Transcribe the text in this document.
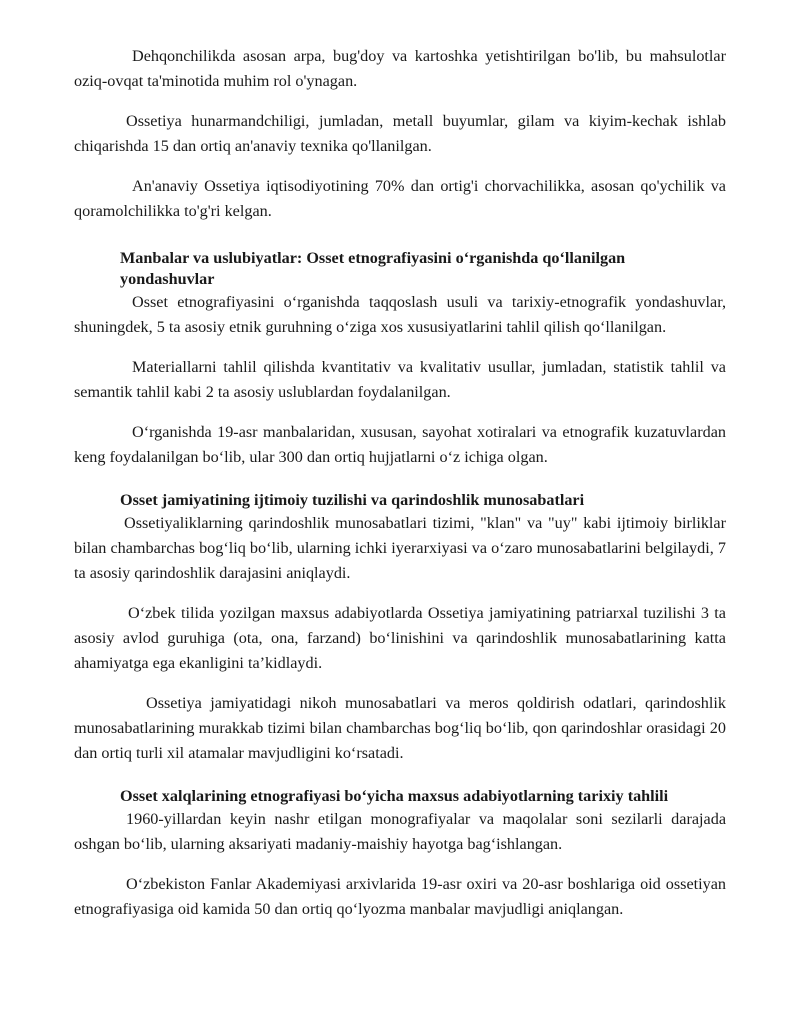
Dehqonchilikda asosan arpa, bug'doy va kartoshka yetishtirilgan bo'lib, bu mahsulotlar oziq-ovqat ta'minotida muhim rol o'ynagan.

Ossetiya hunarmandchiligi, jumladan, metall buyumlar, gilam va kiyim-kechak ishlab chiqarishda 15 dan ortiq an'anaviy texnika qo'llanilgan.

An'anaviy Ossetiya iqtisodiyotining 70% dan ortig'i chorvachilikka, asosan qo'ychilik va qoramolchilikka to'g'ri kelgan.

Manbalar va uslubiyatlar: Osset etnografiyasini o‘rganishda qo‘llanilgan yondashuvlar

Osset etnografiyasini o‘rganishda taqqoslash usuli va tarixiy-etnografik yondashuvlar, shuningdek, 5 ta asosiy etnik guruhning o‘ziga xos xususiyatlarini tahlil qilish qo‘llanilgan.

Materiallarni tahlil qilishda kvantitativ va kvalitativ usullar, jumladan, statistik tahlil va semantik tahlil kabi 2 ta asosiy uslublardan foydalanilgan.

O‘rganishda 19-asr manbalaridan, xususan, sayohat xotiralari va etnografik kuzatuvlardan keng foydalanilgan bo‘lib, ular 300 dan ortiq hujjatlarni o‘z ichiga olgan.

Osset jamiyatining ijtimoiy tuzilishi va qarindoshlik munosabatlari

Ossetiyaliklarning qarindoshlik munosabatlari tizimi, "klan" va "uy" kabi ijtimoiy birliklar bilan chambarchas bog‘liq bo‘lib, ularning ichki iyerarxiyasi va o‘zaro munosabatlarini belgilaydi, 7 ta asosiy qarindoshlik darajasini aniqlaydi.

O‘zbek tilida yozilgan maxsus adabiyotlarda Ossetiya jamiyatining patriarxal tuzilishi 3 ta asosiy avlod guruhiga (ota, ona, farzand) bo‘linishini va qarindoshlik munosabatlarining katta ahamiyatga ega ekanligini ta’kidlaydi.

Ossetiya jamiyatidagi nikoh munosabatlari va meros qoldirish odatlari, qarindoshlik munosabatlarining murakkab tizimi bilan chambarchas bog‘liq bo‘lib, qon qarindoshlar orasidagi 20 dan ortiq turli xil atamalar mavjudligini ko‘rsatadi.

Osset xalqlarining etnografiyasi bo‘yicha maxsus adabiyotlarning tarixiy tahlili

1960-yillardan keyin nashr etilgan monografiyalar va maqolalar soni sezilarli darajada oshgan bo‘lib, ularning aksariyati madaniy-maishiy hayotga bag‘ishlangan.

O‘zbekiston Fanlar Akademiyasi arxivlarida 19-asr oxiri va 20-asr boshlariga oid ossetiyan etnografiyasiga oid kamida 50 dan ortiq qo‘lyozma manbalar mavjudligi aniqlangan.
